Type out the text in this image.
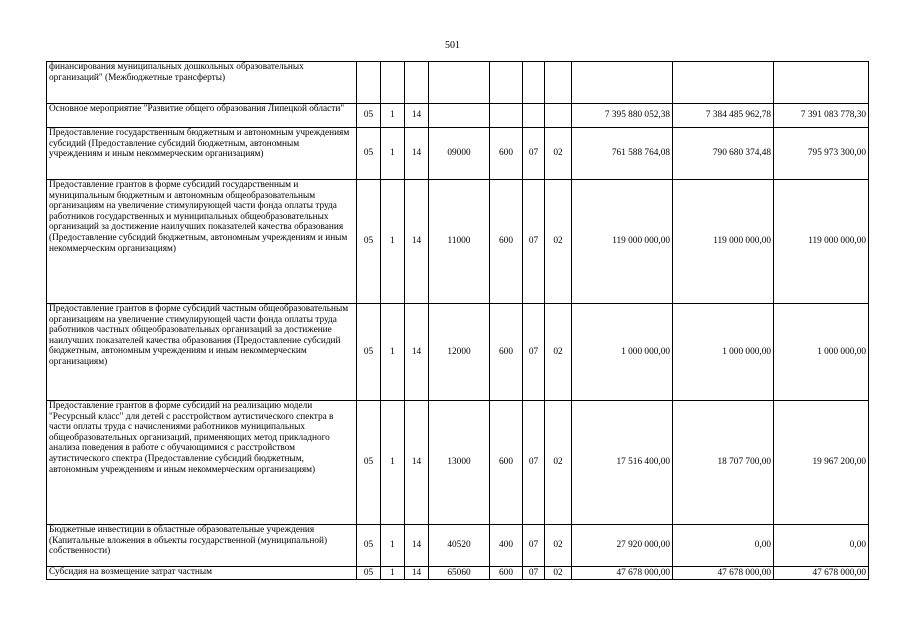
501
финансирования муниципальных дошкольных образовательных организаций" (Межбюджетные трансферты)										
Основное мероприятие "Развитие общего образования Липецкой области"	05	1	14					7 395 880 052,38	7 384 485 962,78	7 391 083 778,30
Предоставление государственным бюджетным и автономным учреждениям субсидий (Предоставление субсидий бюджетным, автономным учреждениям и иным некоммерческим организациям)	05	1	14	09000	600	07	02	761 588 764,08	790 680 374,48	795 973 300,00
Предоставление грантов в форме субсидий государственным и муниципальным бюджетным и автономным общеобразовательным организациям на увеличение стимулирующей части фонда оплаты труда работников государственных и муниципальных общеобразовательных организаций за достижение наилучших показателей качества образования (Предоставление субсидий бюджетным, автономным учреждениям и иным некоммерческим организациям)	05	1	14	11000	600	07	02	119 000 000,00	119 000 000,00	119 000 000,00
Предоставление грантов в форме субсидий частным общеобразовательным организациям на увеличение стимулирующей части фонда оплаты труда работников частных общеобразовательных организаций за достижение наилучших показателей качества образования (Предоставление субсидий бюджетным, автономным учреждениям и иным некоммерческим организациям)	05	1	14	12000	600	07	02	1 000 000,00	1 000 000,00	1 000 000,00
Предоставление грантов в форме субсидий на реализацию модели "Ресурсный класс" для детей с расстройством аутистического спектра в части оплаты труда с начислениями работников муниципальных общеобразовательных организаций, применяющих метод прикладного анализа поведения в работе с обучающимися с расстройством аутистического спектра (Предоставление субсидий бюджетным, автономным учреждениям и иным некоммерческим организациям)	05	1	14	13000	600	07	02	17 516 400,00	18 707 700,00	19 967 200,00
Бюджетные инвестиции в областные образовательные учреждения (Капитальные вложения в объекты государственной (муниципальной) собственности)	05	1	14	40520	400	07	02	27 920 000,00	0,00	0,00
Субсидия на возмещение затрат частным	05	1	14	65060	600	07	02	47 678 000,00	47 678 000,00	47 678 000,00
